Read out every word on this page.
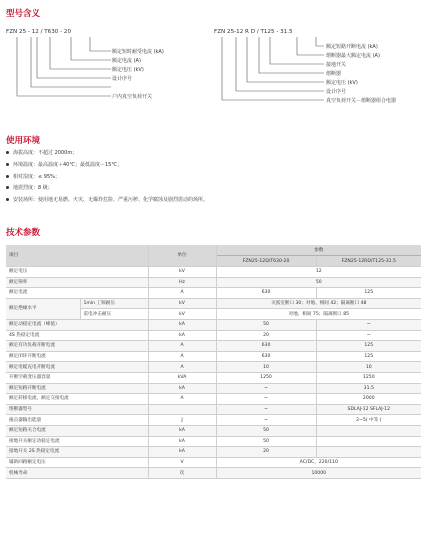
型号含义
FZN 25 - 12 / T630 - 20	FZN 25-12 R D / T125 - 31.5
额定短时耐受电流 (kA)
额定电流 (A)
额定电压 (kV)
设计序号
户内真空负荷开关
额定短路开断电流 (kA)
熔断器最大额定电流 (A)
接地开关
熔断器
额定电压 (kV)
设计序号
真空负荷开关－熔断器组合电器
使用环境
海拔高度：不超过 2000m；
环境温度：最高温度＋40℃；最低温度－15℃；
相对湿度：≤ 95%；
地震烈度：8 级；
安装场所：使用地无易燃、火灾、无爆炸危险、严重污秽、化学腐蚀及剧烈震动的场所。
技术参数
项目		单位	参数	
			FZN25-12D/T630-20	FZN25-12RD/T125-31.5
额定电压		kV	12	
额定频率		Hz	50	
额定电流		A	630	125
额定绝缘水平	1min 工频耐压	kV	灭弧室断口 30；对地、相间 42；隔离断口 48	
	雷电冲击耐压	kV	对地、相间 75；隔离断口 85	
额定动稳定电流（峰值）		kA	50	~
4S 热稳定电流		kA	20	~
额定有功负载开断电流		A	630	125
额定闭环开断电流		A	630	125
额定电缆充电开断电流		A	10	10
开断空载变压器容量		kVA	1250	1250
额定短路开断电流		kA	~	31.5
额定转移电流、额定交接电流		A	~	2000
熔断器型号			~	SDLAJ-12 SFLAJ-12
撞击器输出能量		J	~	2~5( 中等 )
额定短路关合电流		kA	50	
接地开关额定动稳定电流		kA	50	
接地开关 2S 热稳定电流		kA	20	
辅助回路额定电压		V	AC/DC，220/110	
机械寿命		次	10000	
